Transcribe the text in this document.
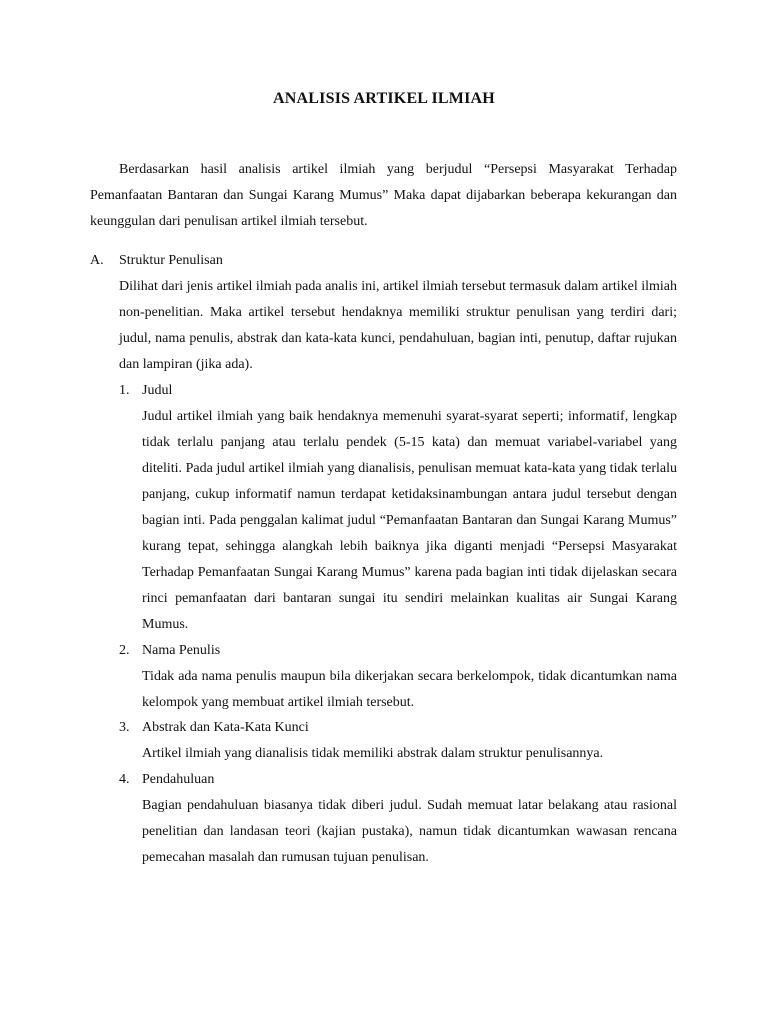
ANALISIS ARTIKEL ILMIAH

Berdasarkan hasil analisis artikel ilmiah yang berjudul “Persepsi Masyarakat Terhadap Pemanfaatan Bantaran dan Sungai Karang Mumus” Maka dapat dijabarkan beberapa kekurangan dan keunggulan dari penulisan artikel ilmiah tersebut.

A. Struktur Penulisan

Dilihat dari jenis artikel ilmiah pada analis ini, artikel ilmiah tersebut termasuk dalam artikel ilmiah non-penelitian. Maka artikel tersebut hendaknya memiliki struktur penulisan yang terdiri dari; judul, nama penulis, abstrak dan kata-kata kunci, pendahuluan, bagian inti, penutup, daftar rujukan dan lampiran (jika ada).

1. Judul

Judul artikel ilmiah yang baik hendaknya memenuhi syarat-syarat seperti; informatif, lengkap tidak terlalu panjang atau terlalu pendek (5-15 kata) dan memuat variabel-variabel yang diteliti. Pada judul artikel ilmiah yang dianalisis, penulisan memuat kata-kata yang tidak terlalu panjang, cukup informatif namun terdapat ketidaksinambungan antara judul tersebut dengan bagian inti. Pada penggalan kalimat judul “Pemanfaatan Bantaran dan Sungai Karang Mumus” kurang tepat, sehingga alangkah lebih baiknya jika diganti menjadi “Persepsi Masyarakat Terhadap Pemanfaatan Sungai Karang Mumus” karena pada bagian inti tidak dijelaskan secara rinci pemanfaatan dari bantaran sungai itu sendiri melainkan kualitas air Sungai Karang Mumus.

2. Nama Penulis

Tidak ada nama penulis maupun bila dikerjakan secara berkelompok, tidak dicantumkan nama kelompok yang membuat artikel ilmiah tersebut.

3. Abstrak dan Kata-Kata Kunci

Artikel ilmiah yang dianalisis tidak memiliki abstrak dalam struktur penulisannya.

4. Pendahuluan

Bagian pendahuluan biasanya tidak diberi judul. Sudah memuat latar belakang atau rasional penelitian dan landasan teori (kajian pustaka), namun tidak dicantumkan wawasan rencana pemecahan masalah dan rumusan tujuan penulisan.
